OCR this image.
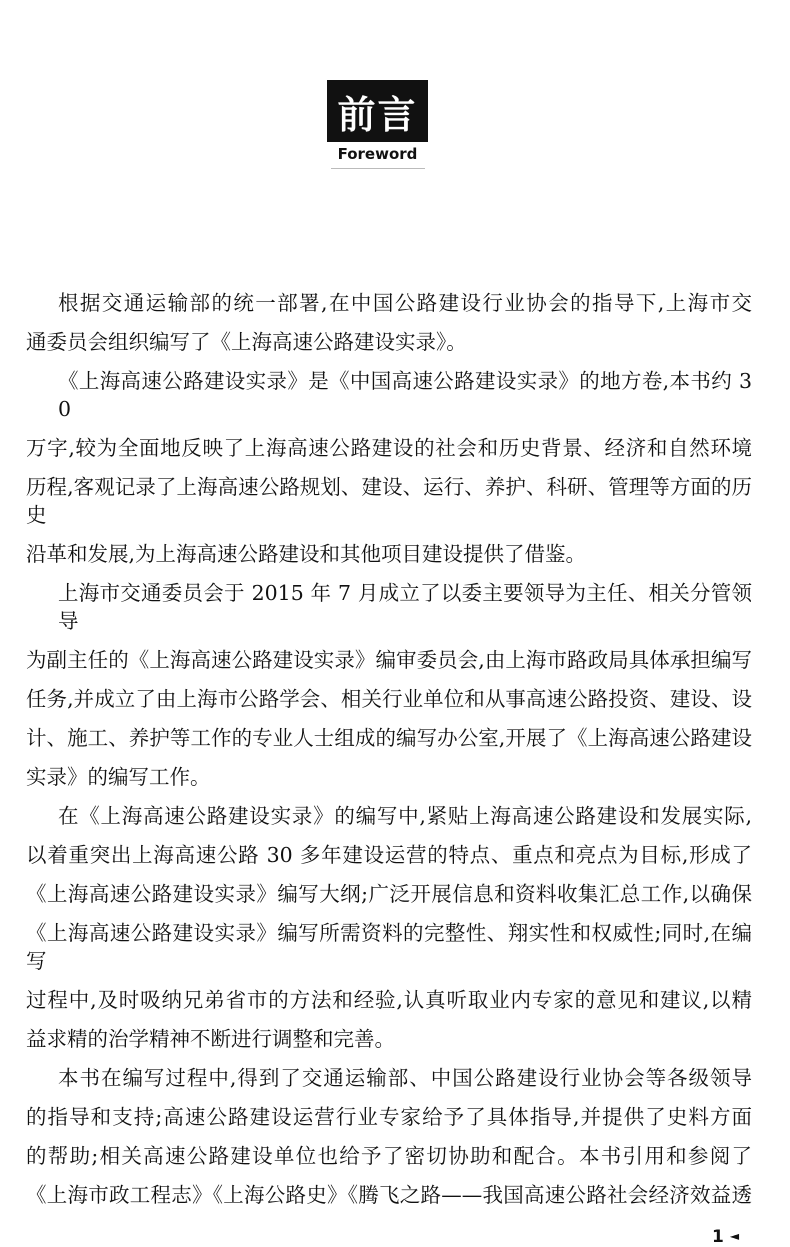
前言
Foreword
根据交通运输部的统一部署,在中国公路建设行业协会的指导下,上海市交
通委员会组织编写了《上海高速公路建设实录》。
《上海高速公路建设实录》是《中国高速公路建设实录》的地方卷,本书约 30
万字,较为全面地反映了上海高速公路建设的社会和历史背景、经济和自然环境
历程,客观记录了上海高速公路规划、建设、运行、养护、科研、管理等方面的历史
沿革和发展,为上海高速公路建设和其他项目建设提供了借鉴。
上海市交通委员会于 2015 年 7 月成立了以委主要领导为主任、相关分管领导
为副主任的《上海高速公路建设实录》编审委员会,由上海市路政局具体承担编写
任务,并成立了由上海市公路学会、相关行业单位和从事高速公路投资、建设、设
计、施工、养护等工作的专业人士组成的编写办公室,开展了《上海高速公路建设
实录》的编写工作。
在《上海高速公路建设实录》的编写中,紧贴上海高速公路建设和发展实际,
以着重突出上海高速公路 30 多年建设运营的特点、重点和亮点为目标,形成了
《上海高速公路建设实录》编写大纲;广泛开展信息和资料收集汇总工作,以确保
《上海高速公路建设实录》编写所需资料的完整性、翔实性和权威性;同时,在编写
过程中,及时吸纳兄弟省市的方法和经验,认真听取业内专家的意见和建议,以精
益求精的治学精神不断进行调整和完善。
本书在编写过程中,得到了交通运输部、中国公路建设行业协会等各级领导
的指导和支持;高速公路建设运营行业专家给予了具体指导,并提供了史料方面
的帮助;相关高速公路建设单位也给予了密切协助和配合。本书引用和参阅了
《上海市政工程志》《上海公路史》《腾飞之路——我国高速公路社会经济效益透
1 ◄
